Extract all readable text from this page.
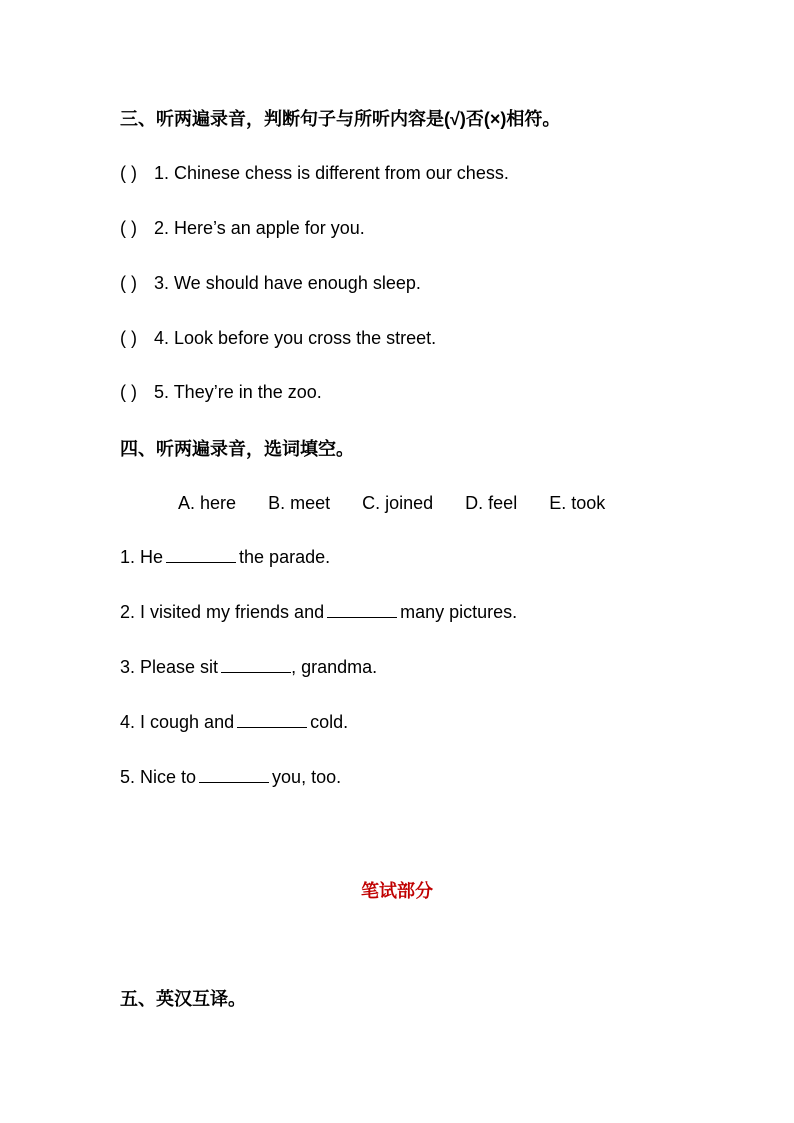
三、听两遍录音，判断句子与所听内容是(√)否(×)相符。
( ) 1. Chinese chess is different from our chess.
( ) 2. Here’s an apple for you.
( ) 3. We should have enough sleep.
( ) 4. Look before you cross the street.
( ) 5. They’re in the zoo.
四、听两遍录音，选词填空。
A. here B. meet C. joined D. feel E. took
1. He	the parade.
2. I visited my friends and	many pictures.
3. Please sit	, grandma.
4. I cough and	cold.
5. Nice to	you, too.
笔试部分
五、英汉互译。
